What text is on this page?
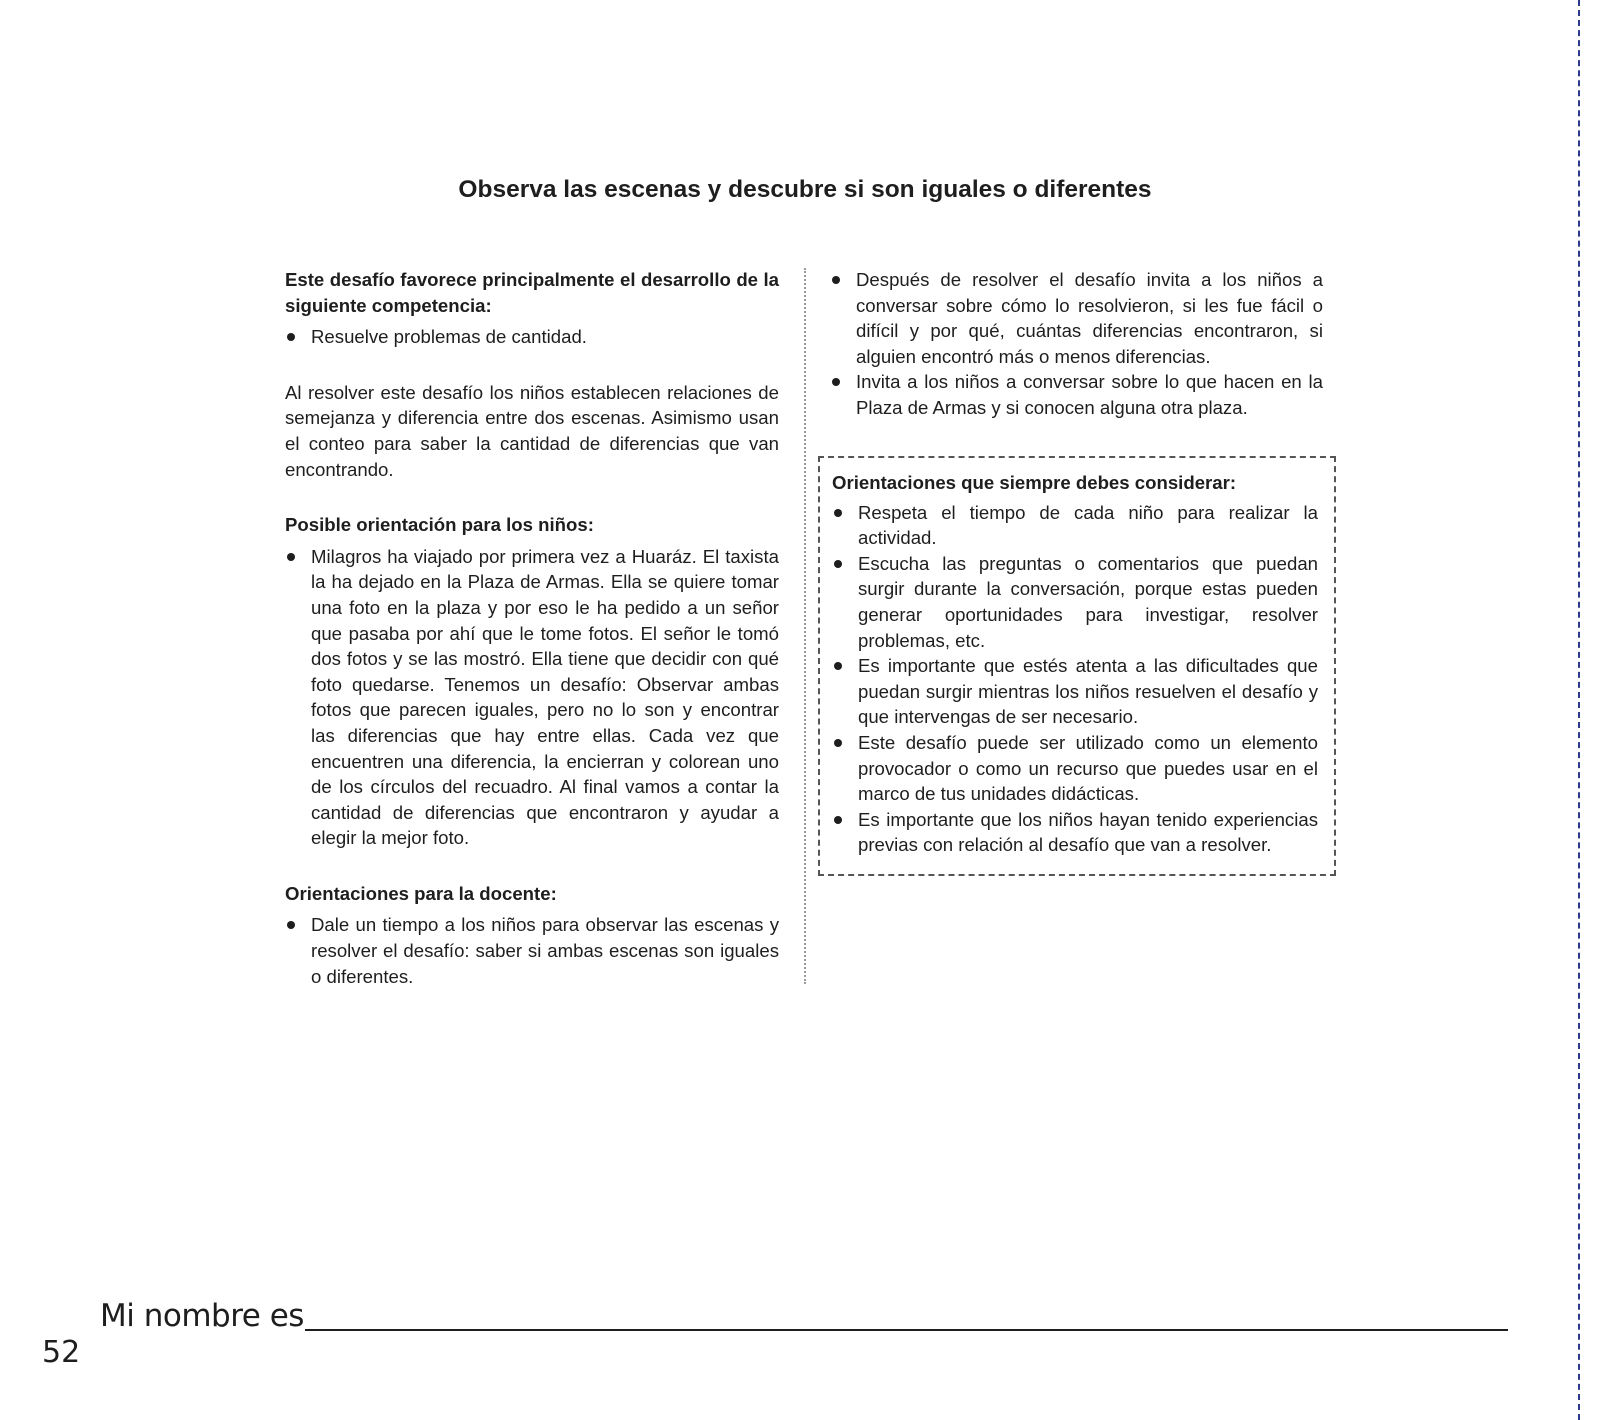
Observa las escenas y descubre si son iguales o diferentes

Este desafío favorece principalmente el desarrollo de la siguiente competencia:

Resuelve problemas de cantidad.

Al resolver este desafío los niños establecen relaciones de semejanza y diferencia entre dos escenas. Asimismo usan el conteo para saber la cantidad de diferencias que van encontrando.

Posible orientación para los niños:

Milagros ha viajado por primera vez a Huaráz. El taxista la ha dejado en la Plaza de Armas. Ella se quiere tomar una foto en la plaza y por eso le ha pedido a un señor que pasaba por ahí que le tome fotos. El señor le tomó dos fotos y se las mostró. Ella tiene que decidir con qué foto quedarse. Tenemos un desafío: Observar ambas fotos que parecen iguales, pero no lo son y encontrar las diferencias que hay entre ellas. Cada vez que encuentren una diferencia, la encierran y colorean uno de los círculos del recuadro. Al final vamos a contar la cantidad de diferencias que encontraron y ayudar a elegir la mejor foto.

Orientaciones para la docente:

Dale un tiempo a los niños para observar las escenas y resolver el desafío: saber si ambas escenas son iguales o diferentes.
Después de resolver el desafío invita a los niños a conversar sobre cómo lo resolvieron, si les fue fácil o difícil y por qué, cuántas diferencias encontraron, si alguien encontró más o menos diferencias.
Invita a los niños a conversar sobre lo que hacen en la Plaza de Armas y si conocen alguna otra plaza.

Orientaciones que siempre debes considerar:

Respeta el tiempo de cada niño para realizar la actividad.
Escucha las preguntas o comentarios que puedan surgir durante la conversación, porque estas pueden generar oportunidades para investigar, resolver problemas, etc.
Es importante que estés atenta a las dificultades que puedan surgir mientras los niños resuelven el desafío y que intervengas de ser necesario.
Este desafío puede ser utilizado como un elemento provocador o como un recurso que puedes usar en el marco de tus unidades didácticas.
Es importante que los niños hayan tenido experiencias previas con relación al desafío que van a resolver.

Mi nombre es

52
